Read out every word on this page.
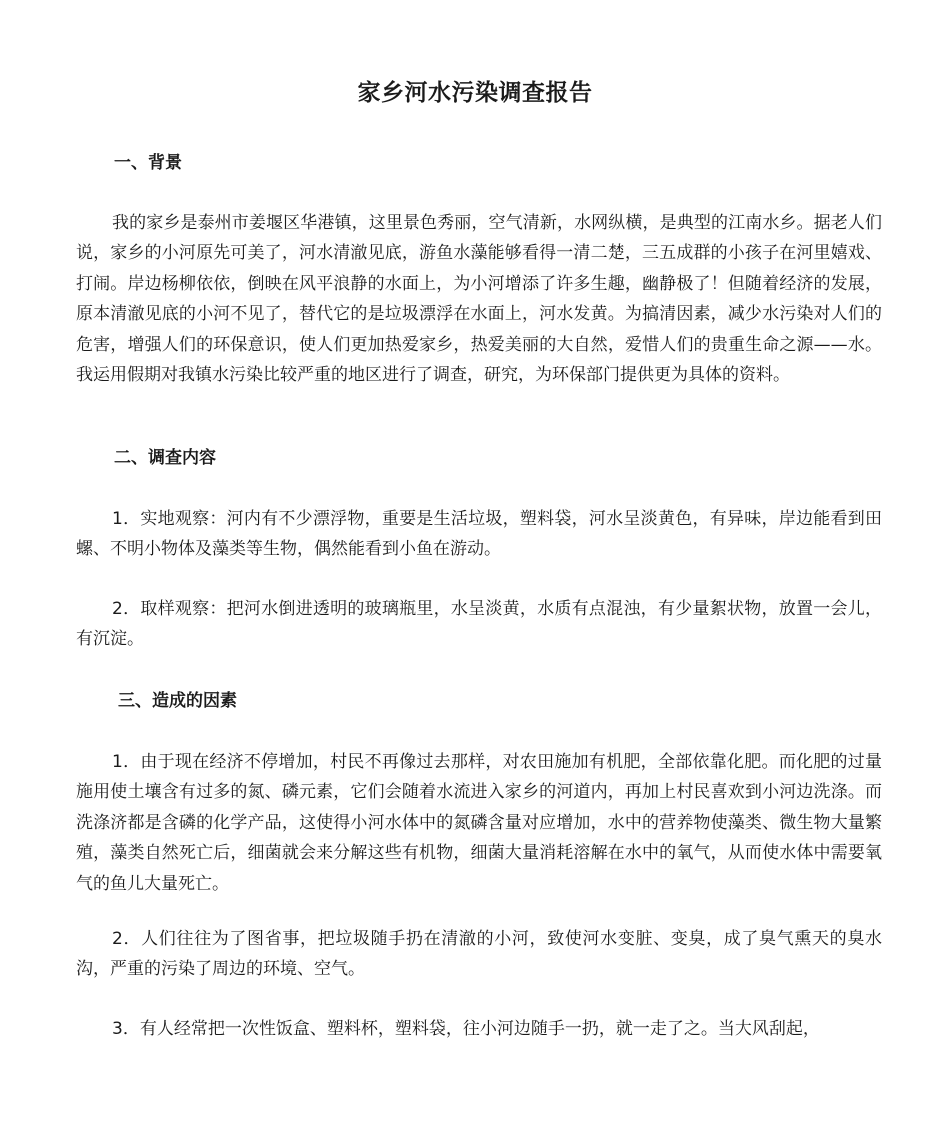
家乡河水污染调查报告
一、背景

我的家乡是泰州市姜堰区华港镇，这里景色秀丽，空气清新，水网纵横，是典型的江南水乡。据老人们说，家乡的小河原先可美了，河水清澈见底，游鱼水藻能够看得一清二楚，三五成群的小孩子在河里嬉戏、打闹。岸边杨柳依依，倒映在风平浪静的水面上，为小河增添了许多生趣，幽静极了！但随着经济的发展，原本清澈见底的小河不见了，替代它的是垃圾漂浮在水面上，河水发黄。为搞清因素，减少水污染对人们的危害，增强人们的环保意识，使人们更加热爱家乡，热爱美丽的大自然，爱惜人们的贵重生命之源——水。我运用假期对我镇水污染比较严重的地区进行了调查，研究，为环保部门提供更为具体的资料。

二、调查内容

1．实地观察：河内有不少漂浮物，重要是生活垃圾，塑料袋，河水呈淡黄色，有异味，岸边能看到田螺、不明小物体及藻类等生物，偶然能看到小鱼在游动。

2．取样观察：把河水倒进透明的玻璃瓶里，水呈淡黄，水质有点混浊，有少量絮状物，放置一会儿，有沉淀。

三、造成的因素

1．由于现在经济不停增加，村民不再像过去那样，对农田施加有机肥，全部依靠化肥。而化肥的过量施用使土壤含有过多的氮、磷元素，它们会随着水流进入家乡的河道内，再加上村民喜欢到小河边洗涤。而洗涤济都是含磷的化学产品，这使得小河水体中的氮磷含量对应增加，水中的营养物使藻类、微生物大量繁殖，藻类自然死亡后，细菌就会来分解这些有机物，细菌大量消耗溶解在水中的氧气，从而使水体中需要氧气的鱼儿大量死亡。

2．人们往往为了图省事，把垃圾随手扔在清澈的小河，致使河水变脏、变臭，成了臭气熏天的臭水沟，严重的污染了周边的环境、空气。

3．有人经常把一次性饭盒、塑料杯，塑料袋，往小河边随手一扔，就一走了之。当大风刮起，
